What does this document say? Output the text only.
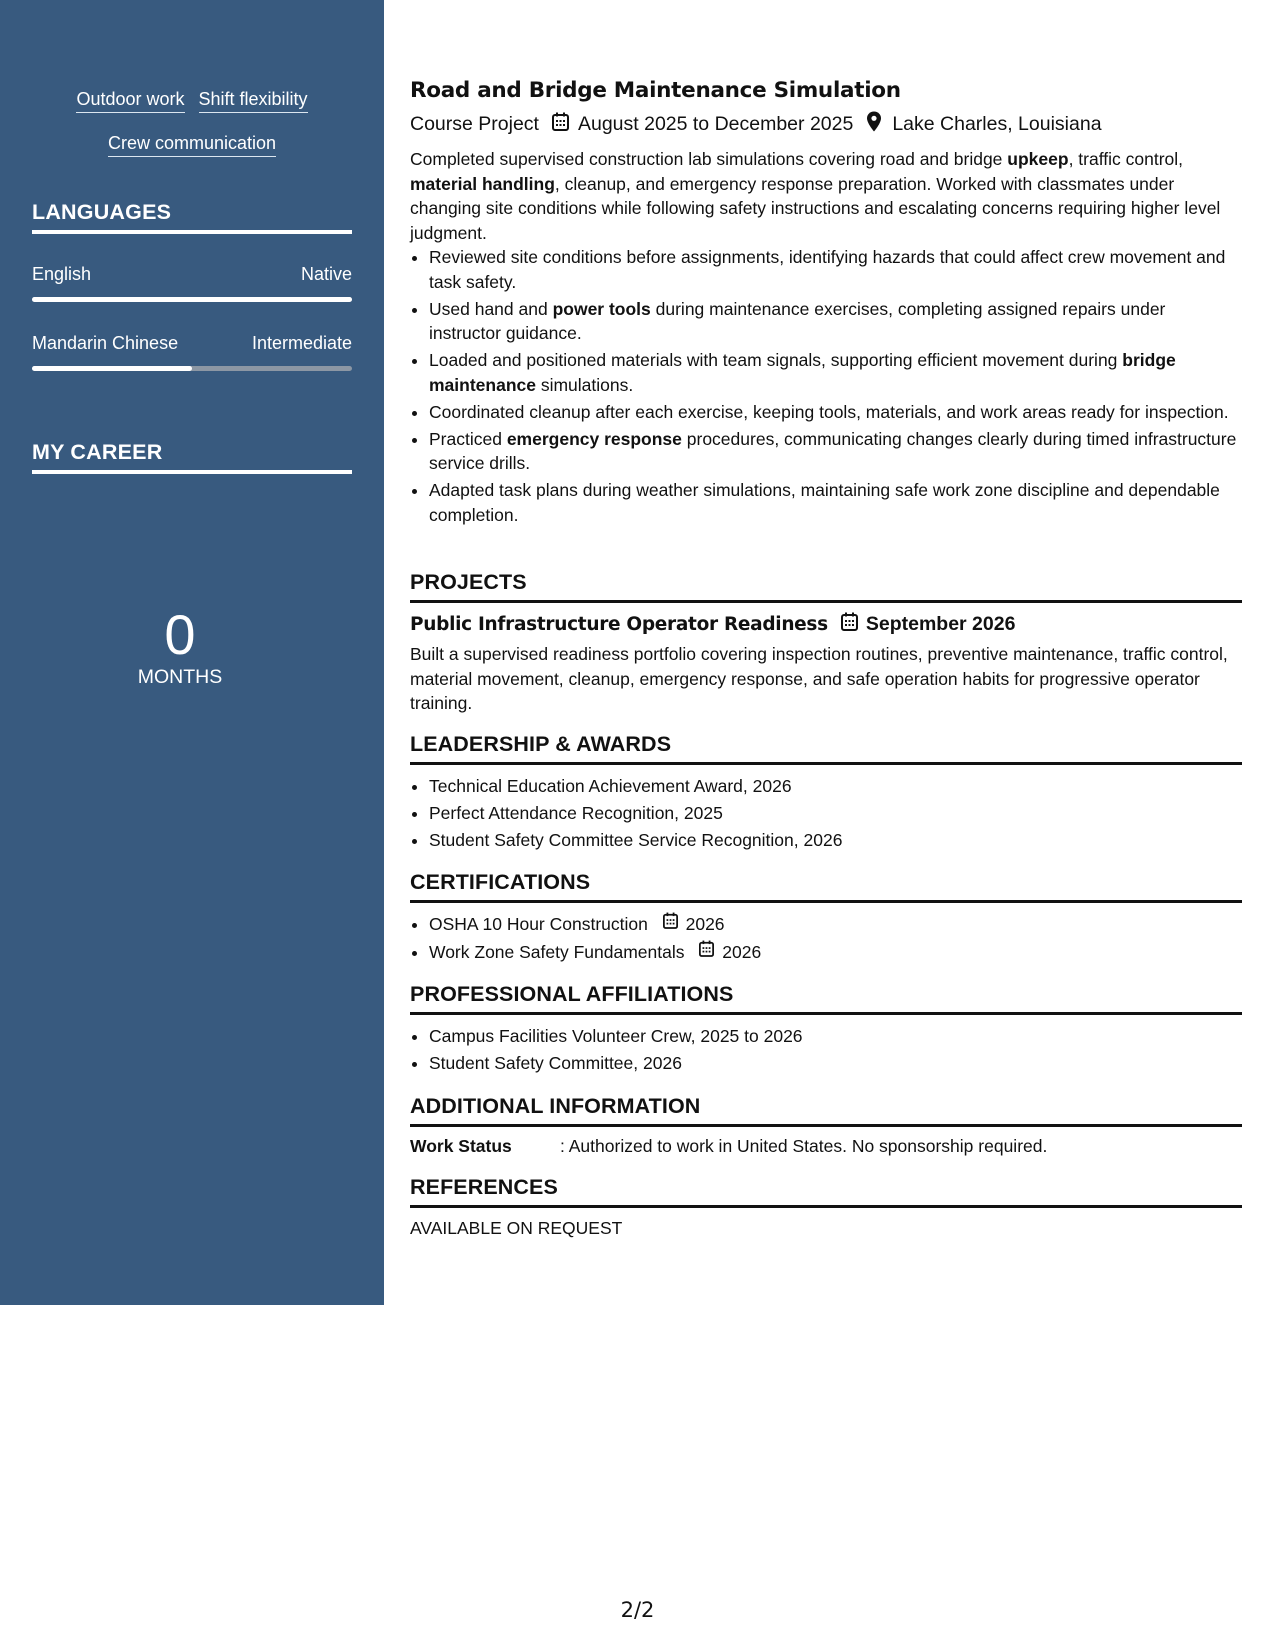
Outdoor work Shift flexibility
Crew communication
LANGUAGES
English	Native
Mandarin Chinese	Intermediate
MY CAREER
0
MONTHS
Road and Bridge Maintenance Simulation
Course Project August 2025 to December 2025 Lake Charles, Louisiana

Completed supervised construction lab simulations covering road and bridge upkeep, traffic control, material handling, cleanup, and emergency response preparation. Worked with classmates under changing site conditions while following safety instructions and escalating concerns requiring higher level judgment.

• Reviewed site conditions before assignments, identifying hazards that could affect crew movement and task safety.
• Used hand and power tools during maintenance exercises, completing assigned repairs under instructor guidance.
• Loaded and positioned materials with team signals, supporting efficient movement during bridge maintenance simulations.
• Coordinated cleanup after each exercise, keeping tools, materials, and work areas ready for inspection.
• Practiced emergency response procedures, communicating changes clearly during timed infrastructure service drills.
• Adapted task plans during weather simulations, maintaining safe work zone discipline and dependable completion.
PROJECTS
Public Infrastructure Operator Readiness September 2026

Built a supervised readiness portfolio covering inspection routines, preventive maintenance, traffic control, material movement, cleanup, emergency response, and safe operation habits for progressive operator training.

LEADERSHIP & AWARDS
• Technical Education Achievement Award, 2026
• Perfect Attendance Recognition, 2025
• Student Safety Committee Service Recognition, 2026
CERTIFICATIONS
• OSHA 10 Hour Construction 2026
• Work Zone Safety Fundamentals 2026
PROFESSIONAL AFFILIATIONS
• Campus Facilities Volunteer Crew, 2025 to 2026
• Student Safety Committee, 2026
ADDITIONAL INFORMATION
Work Status	: Authorized to work in United States. No sponsorship required.
REFERENCES
AVAILABLE ON REQUEST
2/2
